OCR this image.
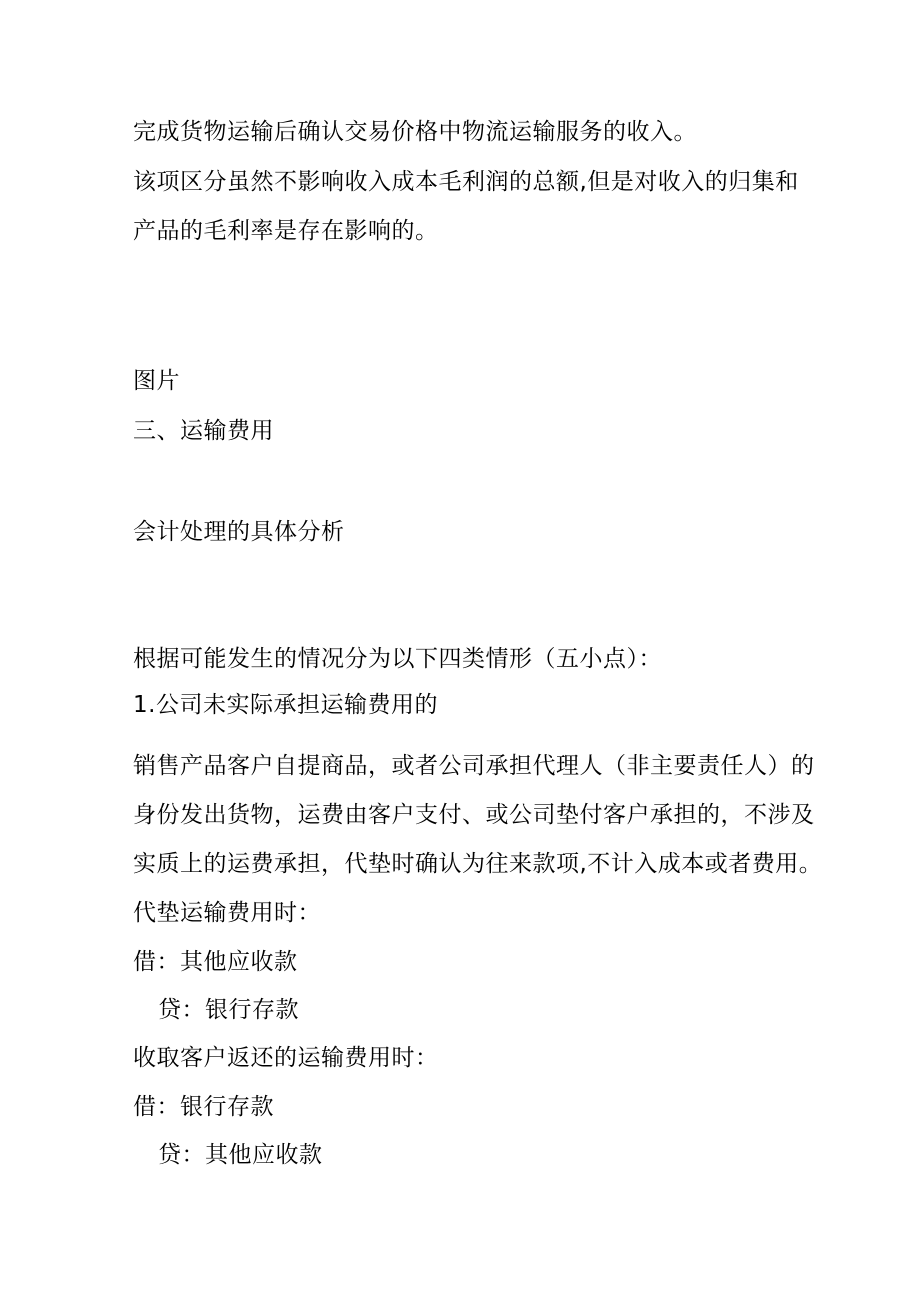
完成货物运输后确认交易价格中物流运输服务的收入。
该项区分虽然不影响收入成本毛利润的总额,但是对收入的归集和
产品的毛利率是存在影响的。
图片
三、运输费用
会计处理的具体分析
根据可能发生的情况分为以下四类情形（五小点）：
1.公司未实际承担运输费用的
销售产品客户自提商品，或者公司承担代理人（非主要责任人）的
身份发出货物，运费由客户支付、或公司垫付客户承担的，不涉及
实质上的运费承担，代垫时确认为往来款项,不计入成本或者费用。
代垫运输费用时：
借：其他应收款
贷：银行存款
收取客户返还的运输费用时：
借：银行存款
贷：其他应收款
